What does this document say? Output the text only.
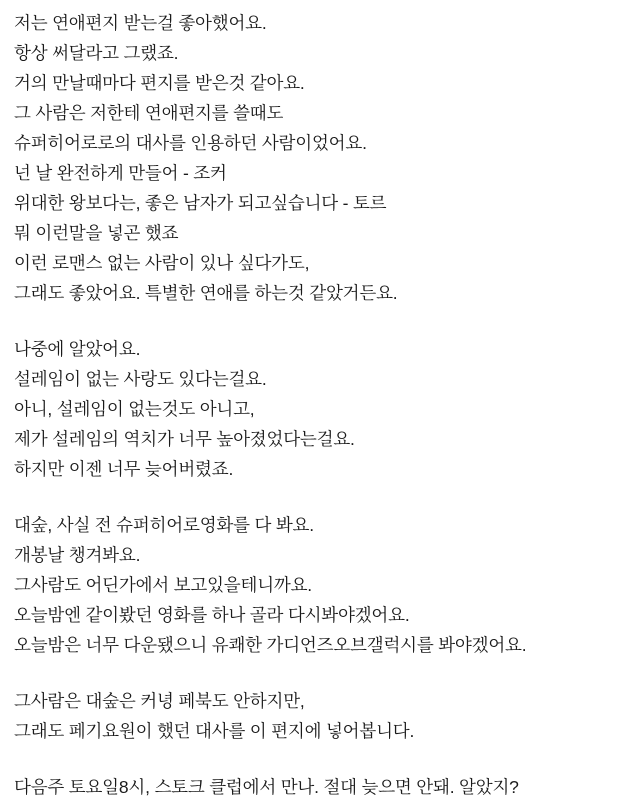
저는 연애편지 받는걸 좋아했어요.
항상 써달라고 그랬죠.
거의 만날때마다 편지를 받은것 같아요.
그 사람은 저한테 연애편지를 쓸때도
슈퍼히어로로의 대사를 인용하던 사람이었어요.
넌 날 완전하게 만들어 - 조커
위대한 왕보다는, 좋은 남자가 되고싶습니다 - 토르
뭐 이런말을 넣곤 했죠
이런 로맨스 없는 사람이 있나 싶다가도,
그래도 좋았어요. 특별한 연애를 하는것 같았거든요.
나중에 알았어요.
설레임이 없는 사랑도 있다는걸요.
아니, 설레임이 없는것도 아니고,
제가 설레임의 역치가 너무 높아졌었다는걸요.
하지만 이젠 너무 늦어버렸죠.
대숲, 사실 전 슈퍼히어로영화를 다 봐요.
개봉날 챙겨봐요.
그사람도 어딘가에서 보고있을테니까요.
오늘밤엔 같이봤던 영화를 하나 골라 다시봐야겠어요.
오늘밤은 너무 다운됐으니 유쾌한 가디언즈오브갤럭시를 봐야겠어요.
그사람은 대숲은 커녕 페북도 안하지만,
그래도 페기요원이 했던 대사를 이 편지에 넣어봅니다.
다음주 토요일8시, 스토크 클럽에서 만나. 절대 늦으면 안돼. 알았지?
